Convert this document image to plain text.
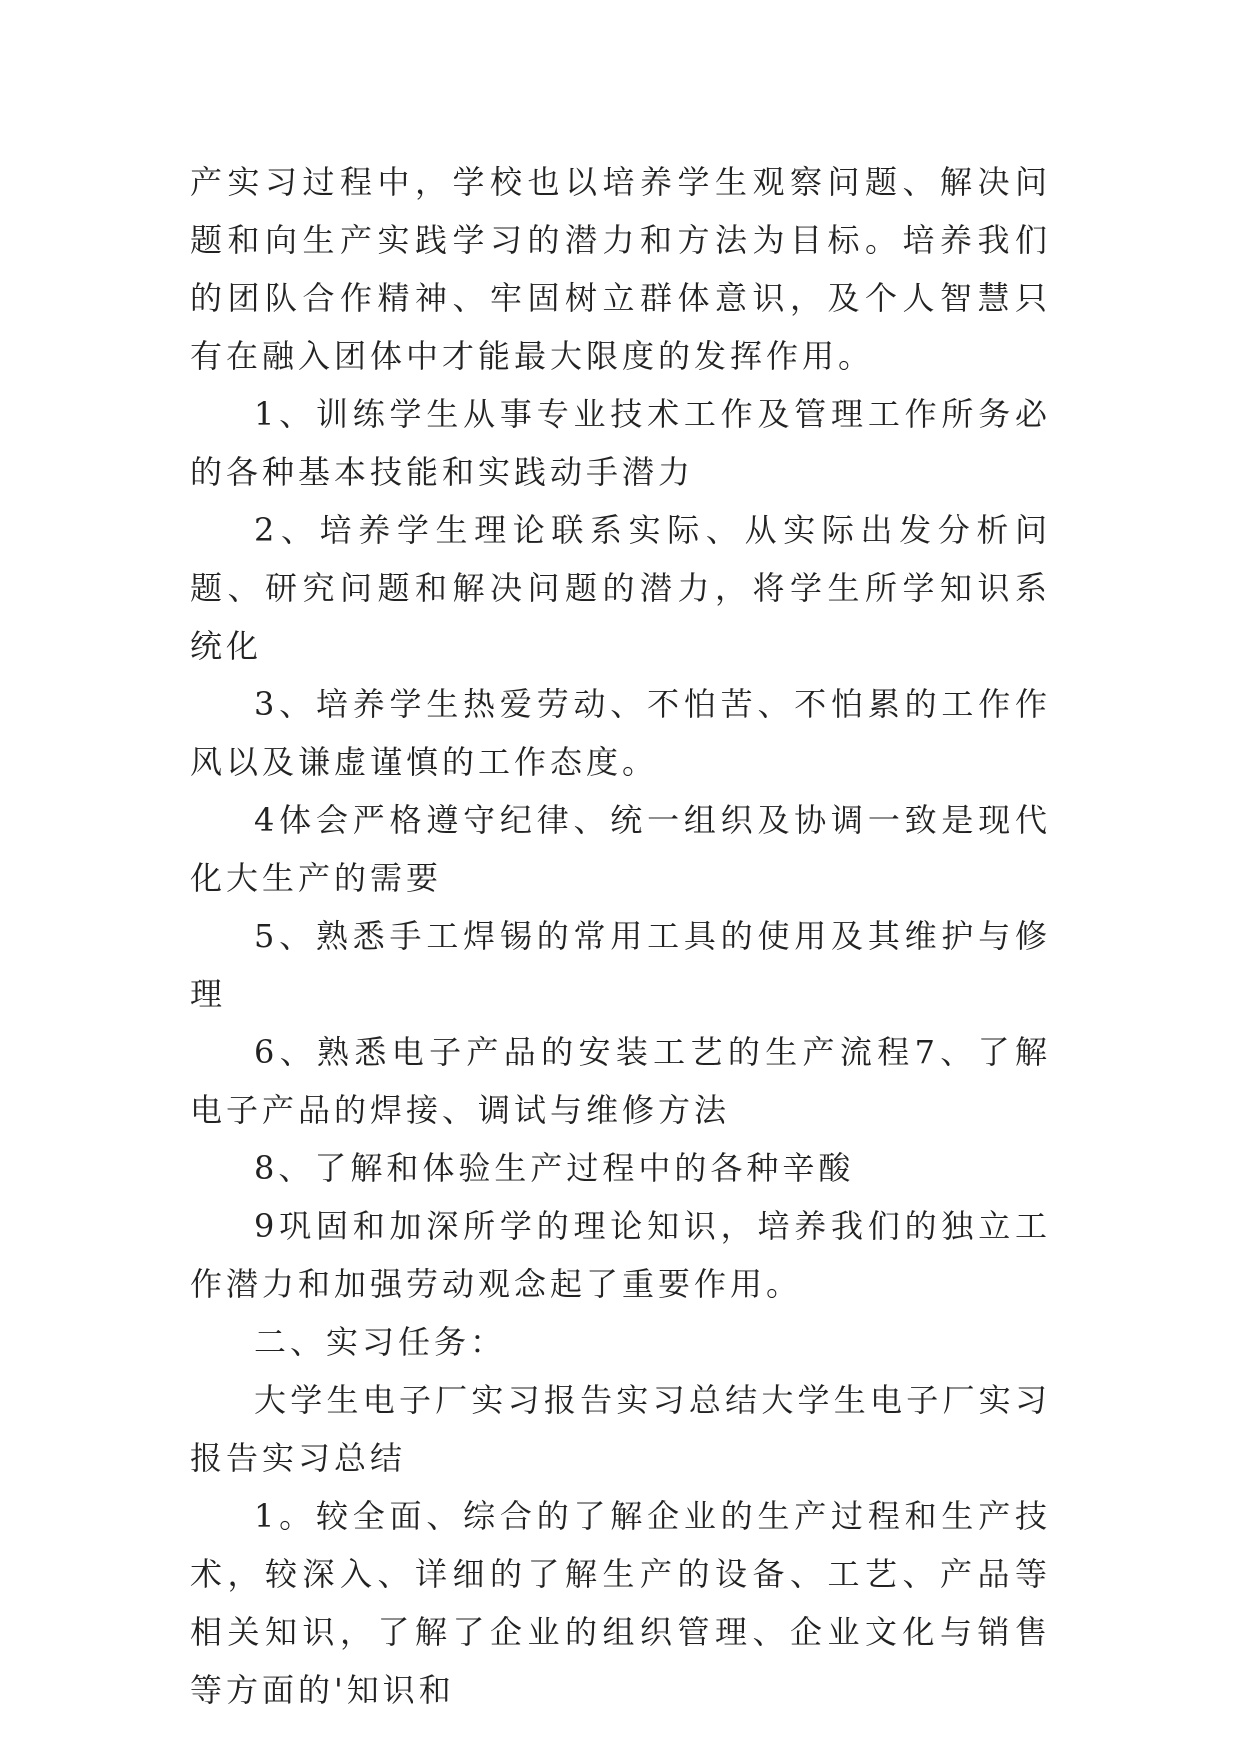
产实习过程中，学校也以培养学生观察问题、解决问题和向生产实践学习的潜力和方法为目标。培养我们的团队合作精神、牢固树立群体意识，及个人智慧只有在融入团体中才能最大限度的发挥作用。

1、训练学生从事专业技术工作及管理工作所务必的各种基本技能和实践动手潜力

2、培养学生理论联系实际、从实际出发分析问题、研究问题和解决问题的潜力，将学生所学知识系统化

3、培养学生热爱劳动、不怕苦、不怕累的工作作风以及谦虚谨慎的工作态度。

4体会严格遵守纪律、统一组织及协调一致是现代化大生产的需要

5、熟悉手工焊锡的常用工具的使用及其维护与修理

6、熟悉电子产品的安装工艺的生产流程7、了解电子产品的焊接、调试与维修方法

8、了解和体验生产过程中的各种辛酸

9巩固和加深所学的理论知识，培养我们的独立工作潜力和加强劳动观念起了重要作用。

二、实习任务：

大学生电子厂实习报告实习总结大学生电子厂实习报告实习总结

1。较全面、综合的了解企业的生产过程和生产技术，较深入、详细的了解生产的设备、工艺、产品等相关知识，了解了企业的组织管理、企业文化与销售等方面的'知识和
